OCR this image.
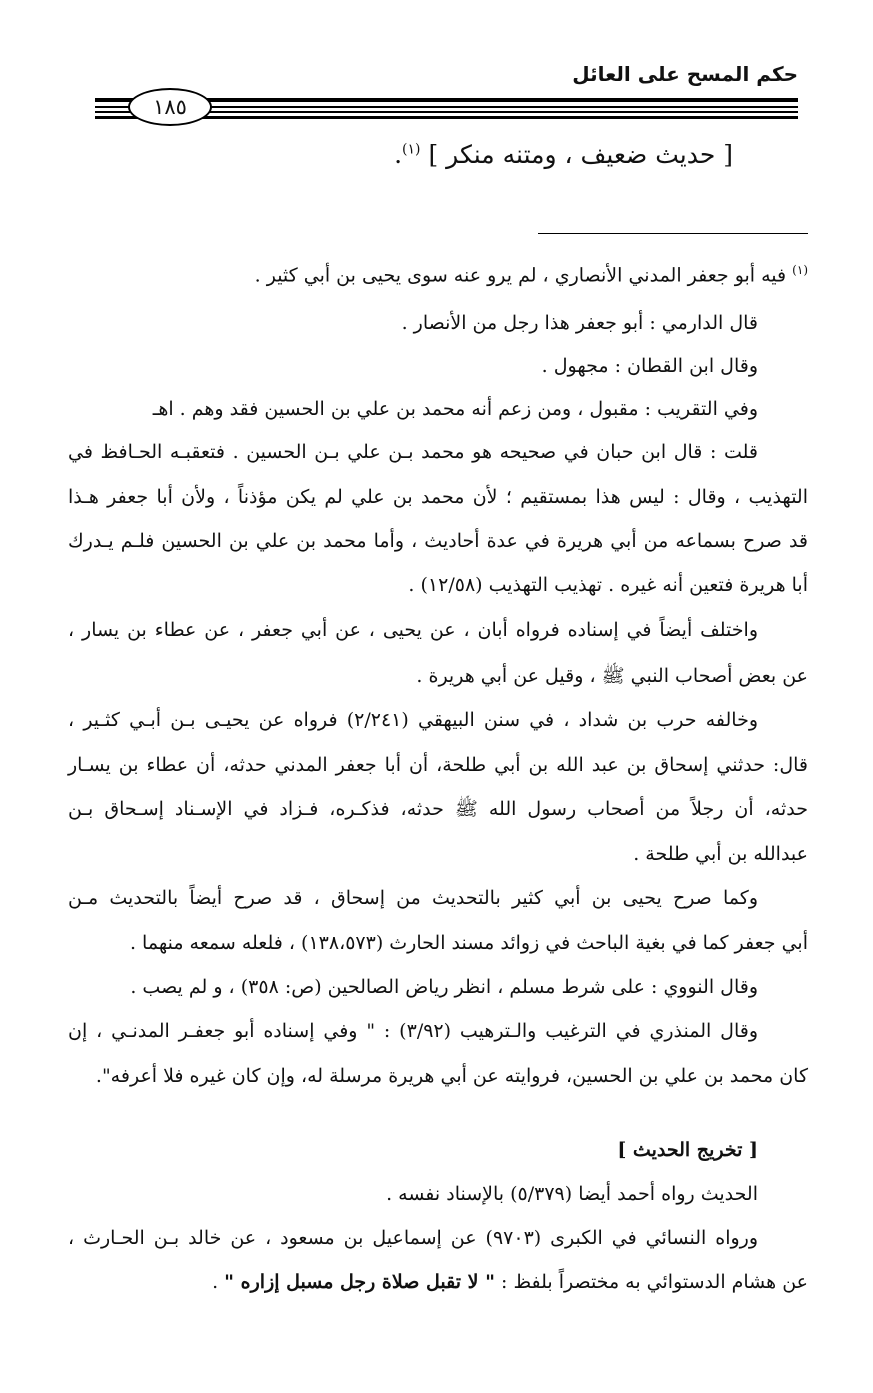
حكم المسح على العائل
١٨٥
[ حديث ضعيف ، ومتنه منكر ] $^{(١)}$.
$^{(١)}$ فيه أبو جعفر المدني الأنصاري ، لم يرو عنه سوى يحيى بن أبي كثير .
قال الدارمي : أبو جعفر هذا رجل من الأنصار .
وقال ابن القطان : مجهول .
وفي التقريب : مقبول ، ومن زعم أنه محمد بن علي بن الحسين فقد وهم . اهـ
قلت : قال ابن حبان في صحيحه هو محمد بـن علي بـن الحسين . فتعقبـه الحـافظ في
التهذيب ، وقال : ليس هذا بمستقيم ؛ لأن محمد بن علي لم يكن مؤذناً ، ولأن أبا جعفر هـذا
قد صرح بسماعه من أبي هريرة في عدة أحاديث ، وأما محمد بن علي بن الحسين فلـم يـدرك
أبا هريرة فتعين أنه غيره . تهذيب التهذيب (١٢/٥٨) .
واختلف أيضاً في إسناده فرواه أبان ، عن يحيى ، عن أبي جعفر ، عن عطاء بن يسار ،
عن بعض أصحاب النبي ﷺ ، وقيل عن أبي هريرة .
وخالفه حرب بن شداد ، في سنن البيهقي (٢/٢٤١) فرواه عن يحيـى بـن أبـي كثـير ،
قال: حدثني إسحاق بن عبد الله بن أبي طلحة، أن أبا جعفر المدني حدثه، أن عطاء بن يسـار
حدثه، أن رجلاً من أصحاب رسول الله ﷺ حدثه، فذكـره، فـزاد في الإسـناد إسـحاق بـن
عبدالله بن أبي طلحة .
وكما صرح يحيى بن أبي كثير بالتحديث من إسحاق ، قد صرح أيضاً بالتحديث مـن
أبي جعفر كما في بغية الباحث في زوائد مسند الحارث (١٣٨،٥٧٣) ، فلعله سمعه منهما .
وقال النووي : على شرط مسلم ، انظر رياض الصالحين (ص: ٣٥٨) ، و لم يصب .
وقال المنذري في الترغيب والـترهيب (٣/٩٢) : " وفي إسناده أبو جعفـر المدنـي ، إن
كان محمد بن علي بن الحسين، فروايته عن أبي هريرة مرسلة له، وإن كان غيره فلا أعرفه".
[ تخريج الحديث ]
الحديث رواه أحمد أيضا (٥/٣٧٩) بالإسناد نفسه .
ورواه النسائي في الكبرى (٩٧٠٣) عن إسماعيل بن مسعود ، عن خالد بـن الحـارث ،
عن هشام الدستوائي به مختصراً بلفظ : " لا تقبل صلاة رجل مسبل إزاره " .
